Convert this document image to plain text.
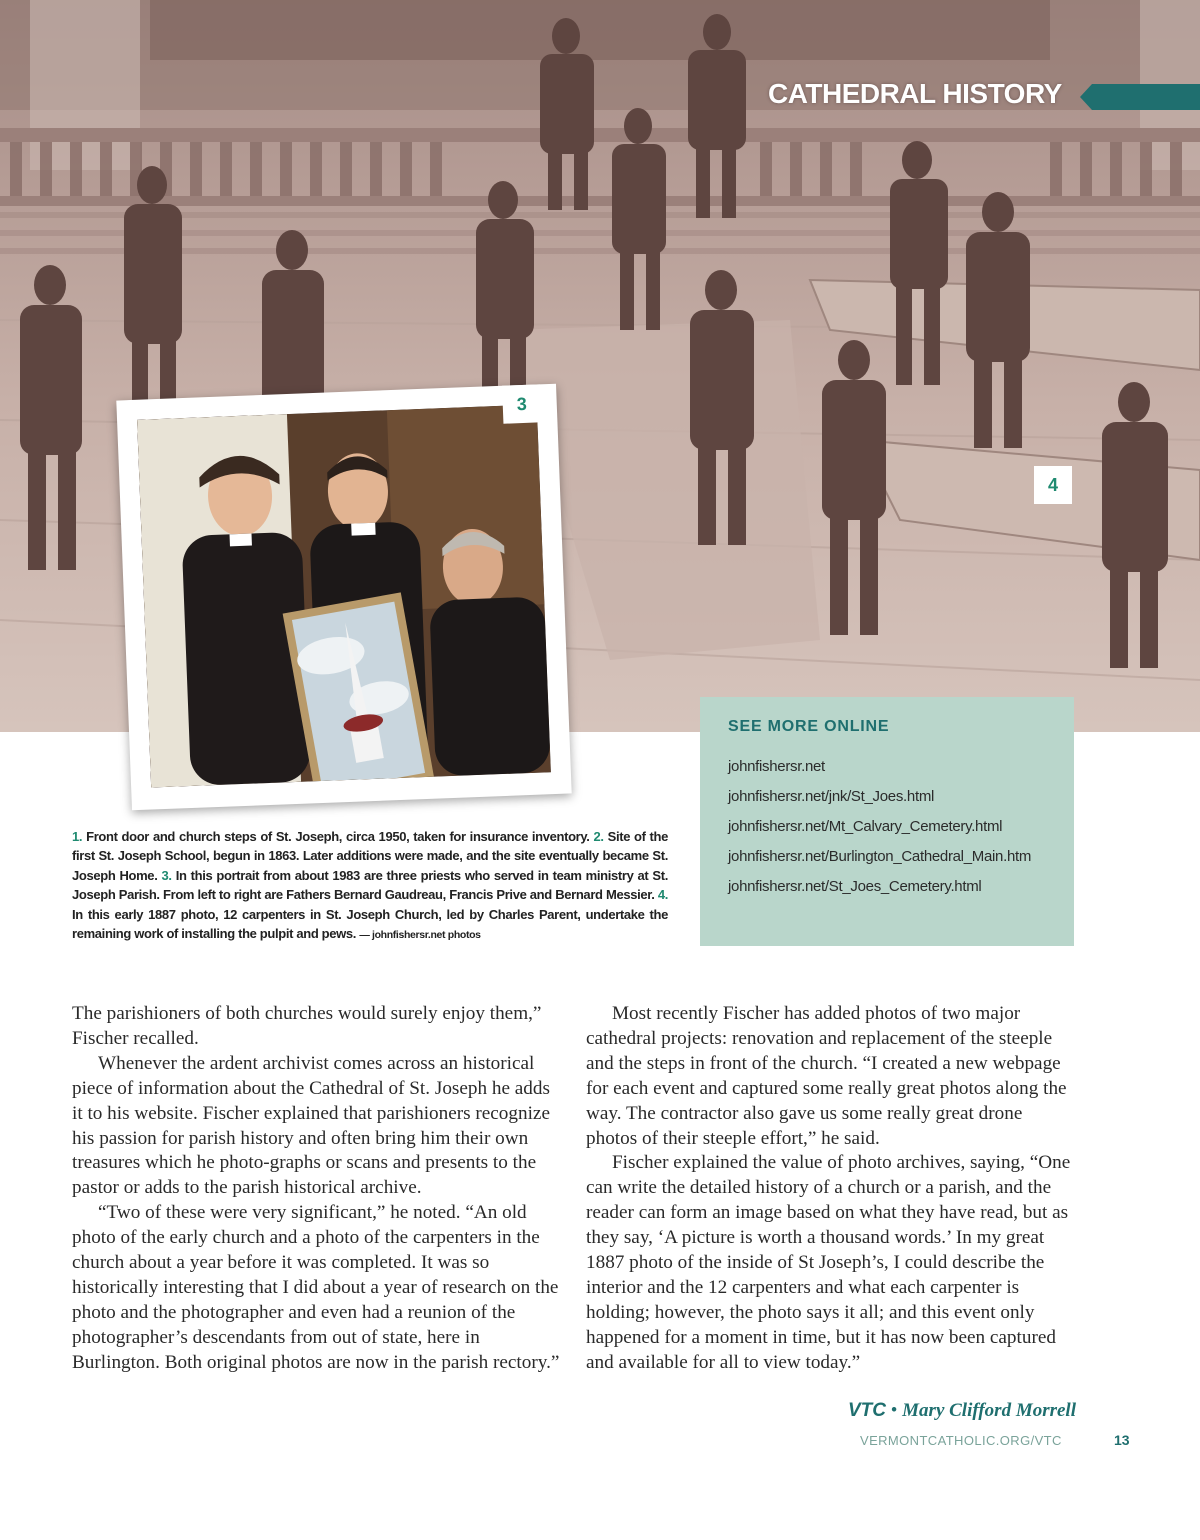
CATHEDRAL HISTORY
4
3
SEE MORE ONLINE
johnfishersr.net
johnfishersr.net/jnk/St_Joes.html
johnfishersr.net/Mt_Calvary_Cemetery.html
johnfishersr.net/Burlington_Cathedral_Main.htm
johnfishersr.net/St_Joes_Cemetery.html
1. Front door and church steps of St. Joseph, circa 1950, taken for insurance inventory. 2. Site of the first St. Joseph School, begun in 1863. Later additions were made, and the site eventually became St. Joseph Home. 3. In this portrait from about 1983 are three priests who served in team ministry at St. Joseph Parish. From left to right are Fathers Bernard Gaudreau, Francis Prive and Bernard Messier. 4. In this early 1887 photo, 12 carpenters in St. Joseph Church, led by Charles Parent, undertake the remaining work of installing the pulpit and pews. — johnfishersr.net photos

The parishioners of both churches would surely enjoy them,” Fischer recalled.

Whenever the ardent archivist comes across an historical piece of information about the Cathedral of St. Joseph he adds it to his website. Fischer explained that parishioners recognize his passion for parish history and often bring him their own treasures which he photo-graphs or scans and presents to the pastor or adds to the parish historical archive.

“Two of these were very significant,” he noted. “An old photo of the early church and a photo of the carpenters in the church about a year before it was completed. It was so historically interesting that I did about a year of research on the photo and the photographer and even had a reunion of the photographer’s descendants from out of state, here in Burlington. Both original photos are now in the parish rectory.”

Most recently Fischer has added photos of two major cathedral projects: renovation and replacement of the steeple and the steps in front of the church. “I created a new webpage for each event and captured some really great photos along the way. The contractor also gave us some really great drone photos of their steeple effort,” he said.

Fischer explained the value of photo archives, saying, “One can write the detailed history of a church or a parish, and the reader can form an image based on what they have read, but as they say, ‘A picture is worth a thousand words.’ In my great 1887 photo of the inside of St Joseph’s, I could describe the interior and the 12 carpenters and what each carpenter is holding; however, the photo says it all; and this event only happened for a moment in time, but it has now been captured and available for all to view today.”

VTC • Mary Clifford Morrell
VERMONTCATHOLIC.ORG/VTC	13
